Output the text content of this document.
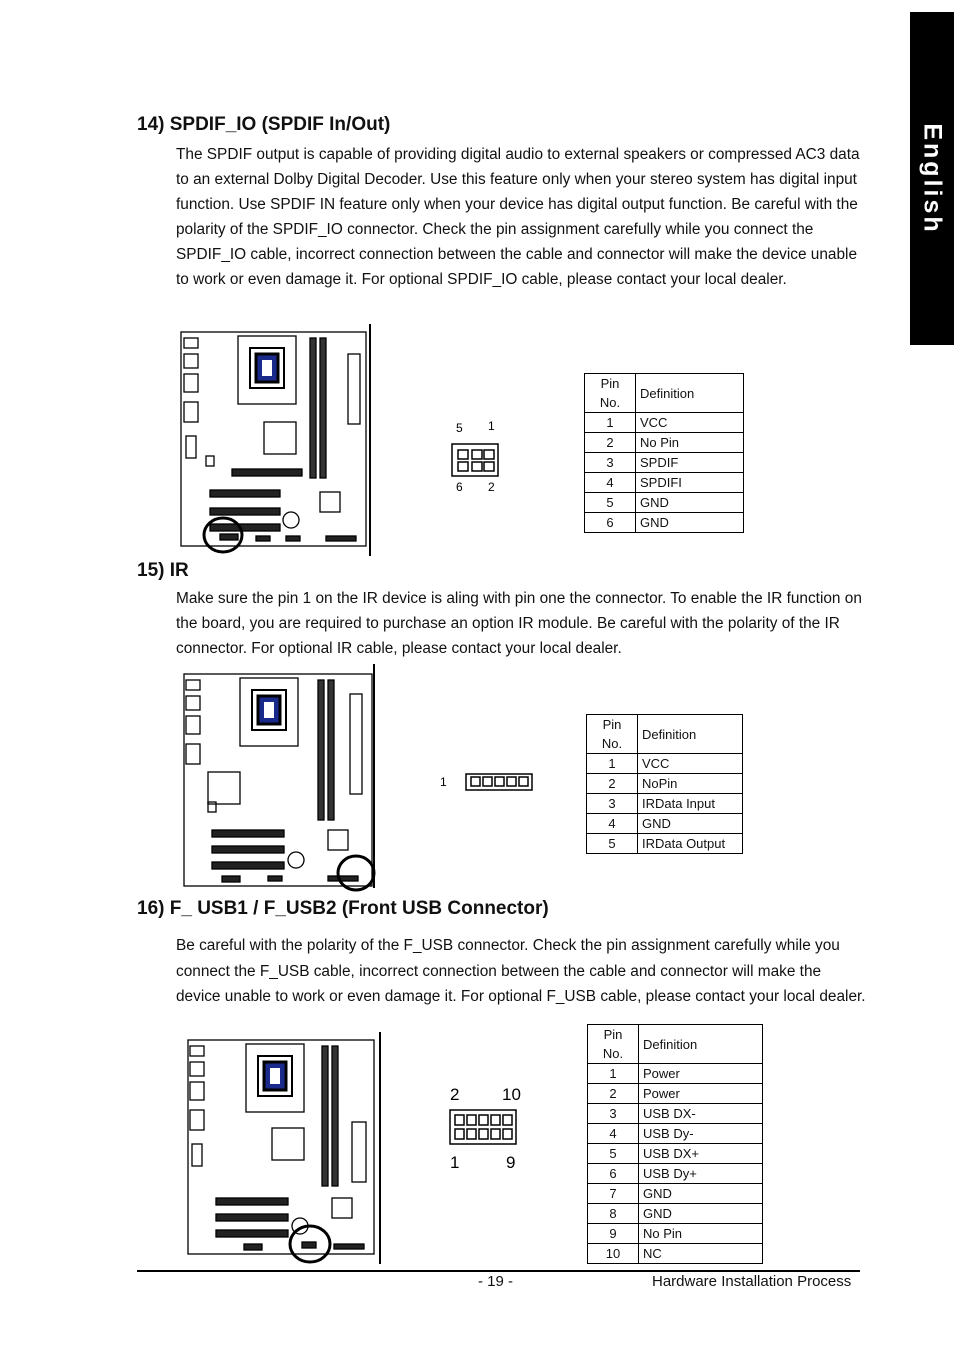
English
14) SPDIF_IO (SPDIF In/Out)

The SPDIF output is capable of providing digital audio to external speakers or compressed AC3 data to an external Dolby Digital Decoder. Use this feature only when your stereo system has digital input function. Use SPDIF IN feature only when your device has digital output function. Be careful with the polarity of the SPDIF_IO connector. Check the pin assignment carefully while you connect the SPDIF_IO cable, incorrect connection between the cable and connector will make the device unable to work or even damage it. For optional SPDIF_IO cable, please contact your local dealer.

5 1
6 2
Pin No.	Definition
1	VCC
2	No Pin
3	SPDIF
4	SPDIFI
5	GND
6	GND
15) IR

Make sure the pin 1 on the IR device is aling with pin one the connector. To enable the IR function on the board, you are required to purchase an option IR module. Be careful with the polarity of the IR connector. For optional IR cable, please contact your local dealer.

1
Pin No.	Definition
1	VCC
2	NoPin
3	IRData Input
4	GND
5	IRData Output
16) F_ USB1 / F_USB2 (Front USB Connector)

Be careful with the polarity of the F_USB connector. Check the pin assignment carefully while you connect the F_USB cable, incorrect connection between the cable and connector will make the device unable to work or even damage it. For optional F_USB cable, please contact your local dealer.

2	10
1	9
Pin No.	Definition
1	Power
2	Power
3	USB DX-
4	USB Dy-
5	USB DX+
6	USB Dy+
7	GND
8	GND
9	No Pin
10	NC
- 19 -	Hardware Installation Process
